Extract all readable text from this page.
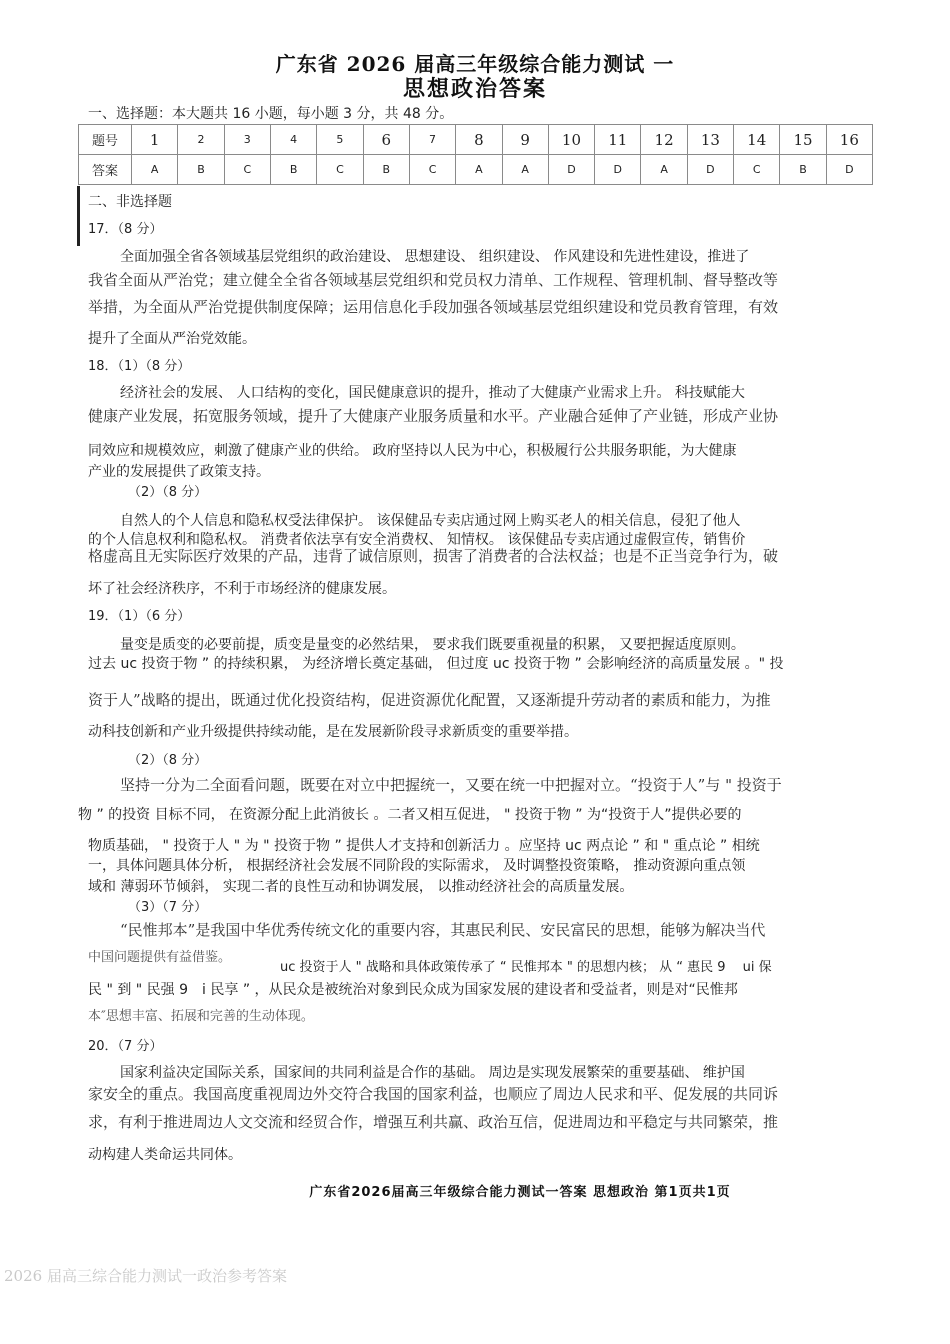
广东省 2026 届高三年级综合能力测试 一
思想政治答案
一、选择题：本大题共 16 小题，每小题 3 分，共 48 分。
题号	1	2	3	4	5	6	7	8	9	10	11	12	13	14	15	16
答案	A	B	C	B	C	B	C	A	A	D	D	A	D	C	B	D
二、非选择题
17．（8 分）
全面加强全省各领域基层党组织的政治建设、 思想建设、 组织建设、 作风建设和先进性建设，推进了
我省全面从严治党；建立健全全省各领域基层党组织和党员权力清单、工作规程、管理机制、督导整改等
举措，为全面从严治党提供制度保障；运用信息化手段加强各领域基层党组织建设和党员教育管理，有效
提升了全面从严治党效能。
18．（1）（8 分）
经济社会的发展、 人口结构的变化，国民健康意识的提升，推动了大健康产业需求上升。 科技赋能大
健康产业发展，拓宽服务领域，提升了大健康产业服务质量和水平。产业融合延伸了产业链，形成产业协
同效应和规模效应，刺激了健康产业的供给。 政府坚持以人民为中心，积极履行公共服务职能，为大健康
产业的发展提供了政策支持。
（2）（8 分）
自然人的个人信息和隐私权受法律保护。 该保健品专卖店通过网上购买老人的相关信息，侵犯了他人
的个人信息权利和隐私权。 消费者依法享有安全消费权、 知情权。 该保健品专卖店通过虚假宣传，销售价
格虚高且无实际医疗效果的产品，违背了诚信原则，损害了消费者的合法权益；也是不正当竞争行为，破
坏了社会经济秩序，不利于市场经济的健康发展。
19．（1）（6 分）
量变是质变的必要前提，质变是量变的必然结果， 要求我们既要重视量的积累， 又要把握适度原则。
过去 uc 投资于物 ” 的持续积累， 为经济增长奠定基础， 但过度 uc 投资于物 ” 会影响经济的高质量发展 。" 投
资于人”战略的提出，既通过优化投资结构，促进资源优化配置，又逐渐提升劳动者的素质和能力，为推
动科技创新和产业升级提供持续动能，是在发展新阶段寻求新质变的重要举措。
（2）（8 分）
坚持一分为二全面看问题，既要在对立中把握统一，又要在统一中把握对立。“投资于人”与 " 投资于
物 ” 的投资 目标不同， 在资源分配上此消彼长 。二者又相互促进， " 投资于物 ” 为“投资于人”提供必要的
物质基础， " 投资于人 " 为 " 投资于物 ” 提供人才支持和创新活力 。应坚持 uc 两点论 ” 和 " 重点论 ” 相统
一，具体问题具体分析， 根据经济社会发展不同阶段的实际需求， 及时调整投资策略， 推动资源向重点领
域和 薄弱环节倾斜， 实现二者的良性互动和协调发展， 以推动经济社会的高质量发展。
（3）（7 分）
“民惟邦本”是我国中华优秀传统文化的重要内容，其惠民利民、安民富民的思想，能够为解决当代
中国问题提供有益借鉴。
uc 投资于人 " 战略和具体政策传承了 “ 民惟邦本 " 的思想内核； 从 “ 惠民 9　 ui 保
民 " 到 " 民强 9　i 民享 ” ，从民众是被统治对象到民众成为国家发展的建设者和受益者，则是对“民惟邦
本″思想丰富、拓展和完善的生动体现。
20．（7 分）
国家利益决定国际关系，国家间的共同利益是合作的基础。 周边是实现发展繁荣的重要基础、 维护国
家安全的重点。我国高度重视周边外交符合我国的国家利益，也顺应了周边人民求和平、促发展的共同诉
求，有利于推进周边人文交流和经贸合作，增强互利共赢、政治互信，促进周边和平稳定与共同繁荣，推
动构建人类命运共同体。
广东省2026届高三年级综合能力测试一答案 思想政治 第1页共1页
2026 届高三综合能力测试一政治参考答案
